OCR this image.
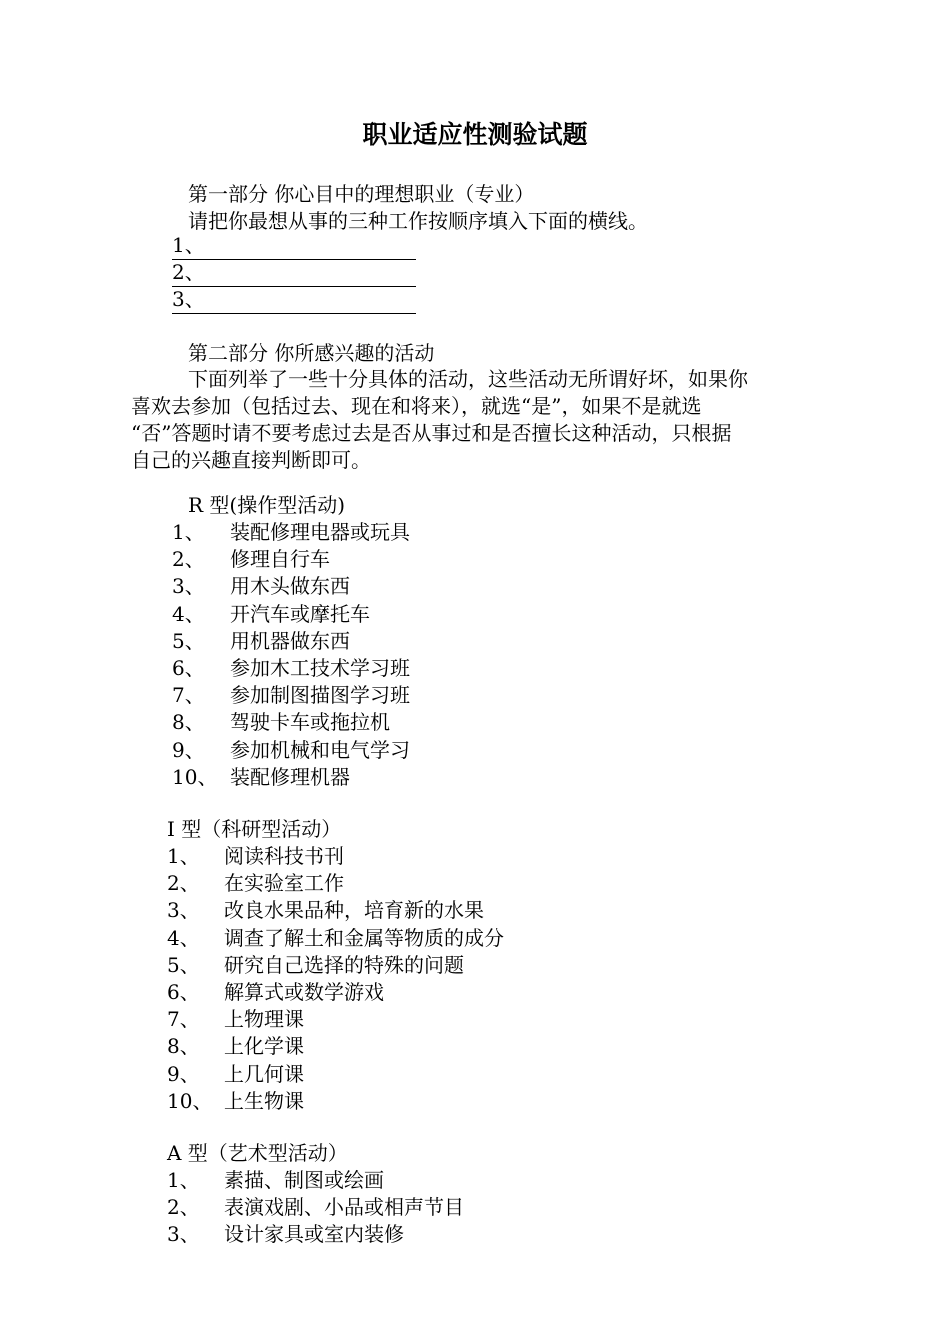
职业适应性测验试题
第一部分 你心目中的理想职业（专业）
请把你最想从事的三种工作按顺序填入下面的横线。
1、
2、
3、
第二部分 你所感兴趣的活动
下面列举了一些十分具体的活动，这些活动无所谓好坏，如果你
喜欢去参加（包括过去、现在和将来），就选“是”，如果不是就选
“否”答题时请不要考虑过去是否从事过和是否擅长这种活动，只根据
自己的兴趣直接判断即可。
R 型(操作型活动)
1、 装配修理电器或玩具
2、 修理自行车
3、 用木头做东西
4、 开汽车或摩托车
5、 用机器做东西
6、 参加木工技术学习班
7、 参加制图描图学习班
8、 驾驶卡车或拖拉机
9、 参加机械和电气学习
10、 装配修理机器
I 型（科研型活动）
1、 阅读科技书刊
2、 在实验室工作
3、 改良水果品种，培育新的水果
4、 调查了解土和金属等物质的成分
5、 研究自己选择的特殊的问题
6、 解算式或数学游戏
7、 上物理课
8、 上化学课
9、 上几何课
10、 上生物课
A 型（艺术型活动）
1、 素描、制图或绘画
2、 表演戏剧、小品或相声节目
3、 设计家具或室内装修
